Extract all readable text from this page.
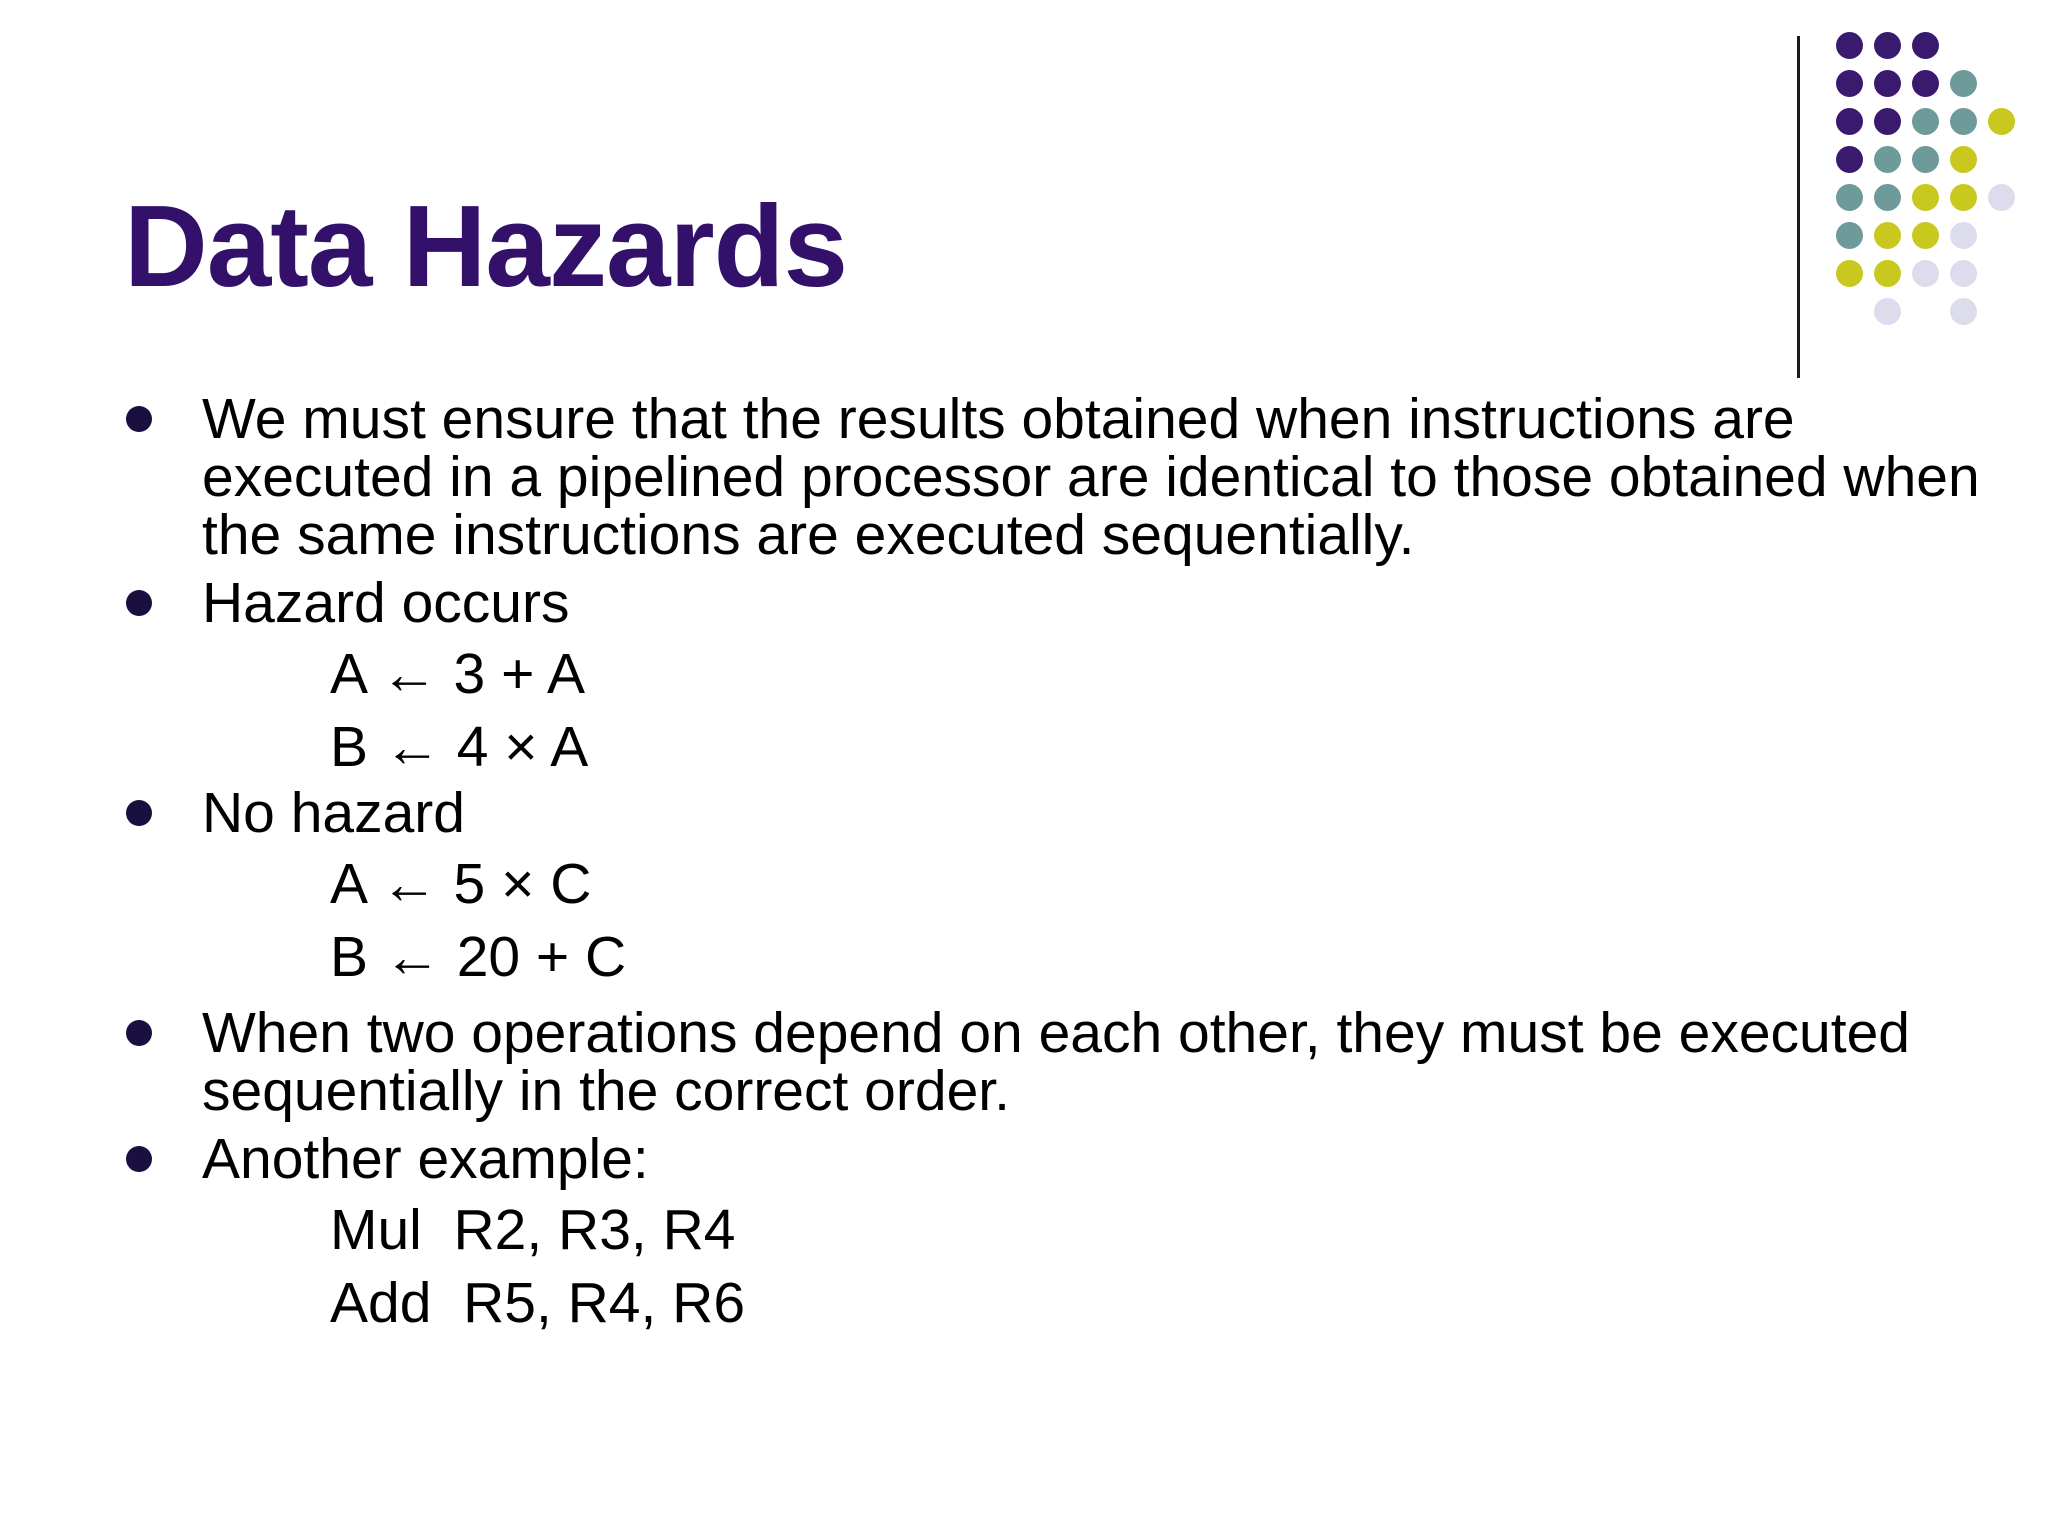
Data Hazards
We must ensure that the results obtained when instructions are executed in a pipelined processor are identical to those obtained when the same instructions are executed sequentially.
Hazard occurs
A ← 3 + A
B ← 4 × A
No hazard
A ← 5 × C
B ← 20 + C
When two operations depend on each other, they must be executed sequentially in the correct order.
Another example:
Mul  R2, R3, R4
Add  R5, R4, R6
